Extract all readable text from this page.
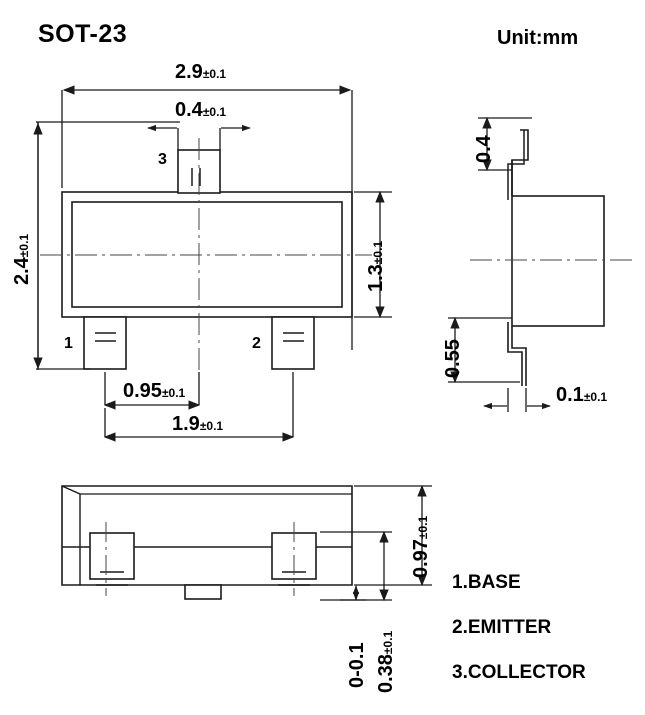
SOT-23	Unit:mm
2.9±0.1
0.4±0.1
2.4±0.1
1.3±0.1
0.95±0.1
1.9±0.1
3
1	2
0.4
0.55
0.1±0.1
0.97±0.1
0-0.1 0.38±0.1
1.BASE
2.EMITTER
3.COLLECTOR
